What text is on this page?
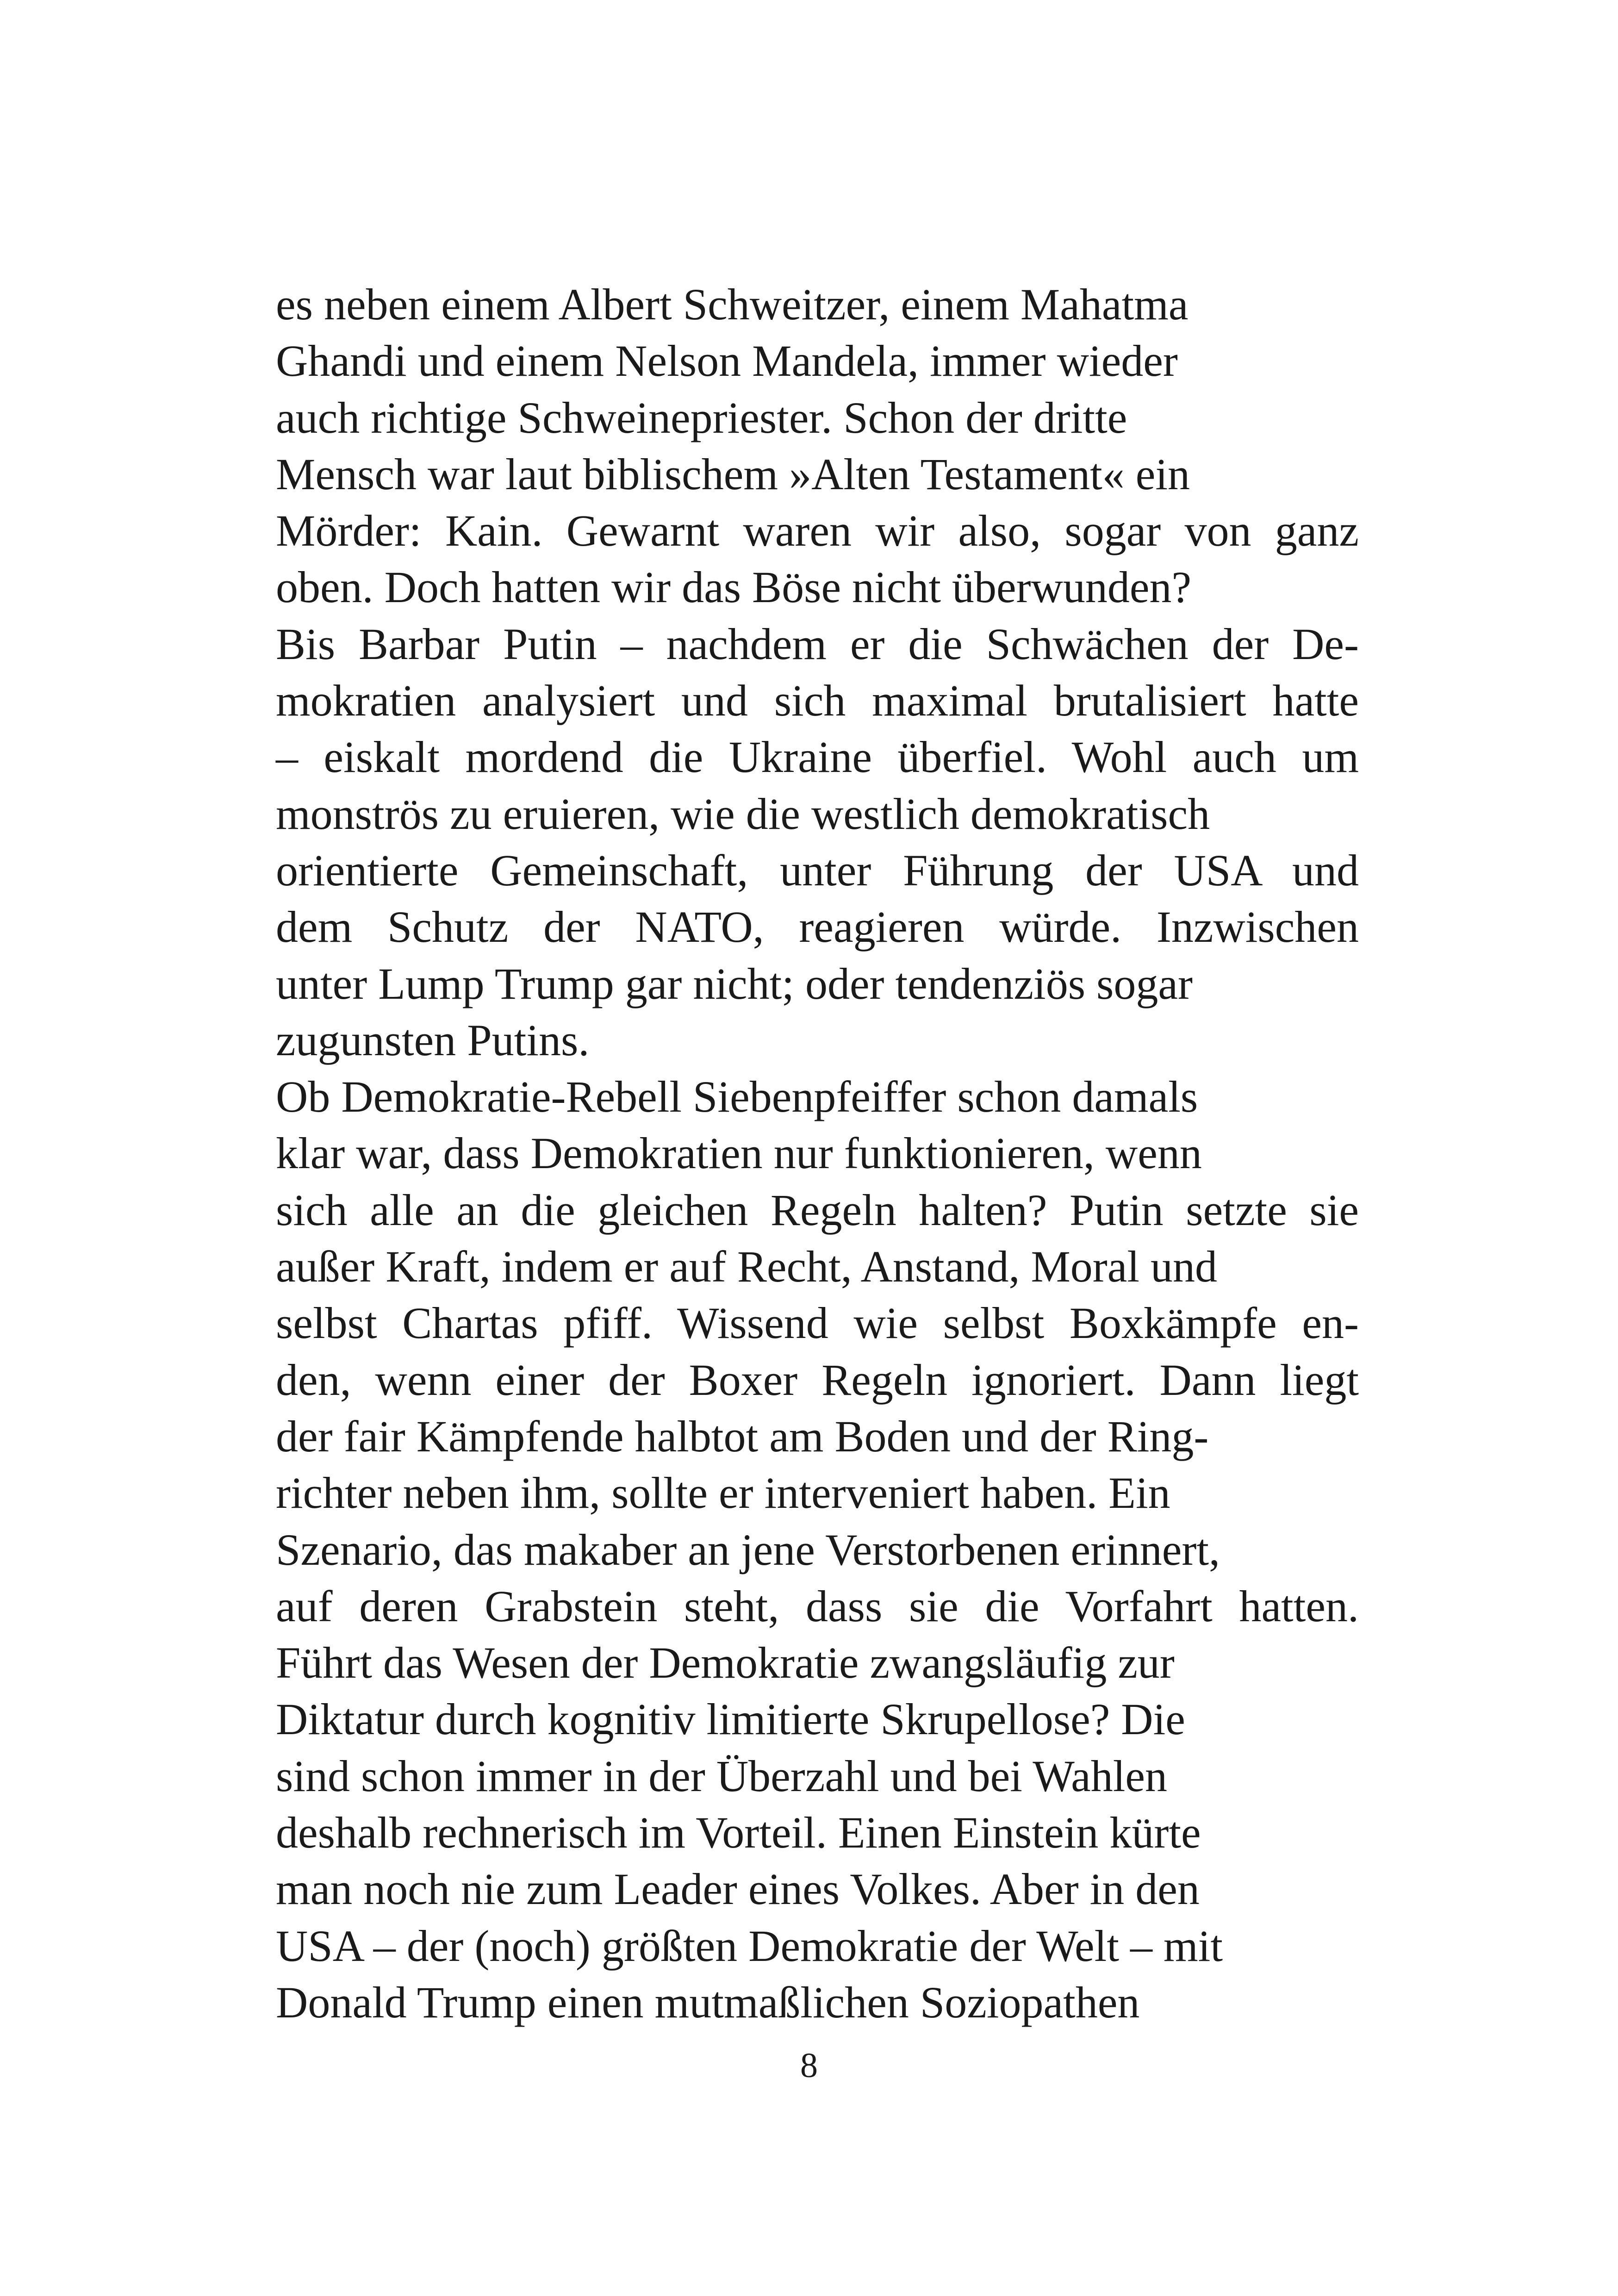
es neben einem Albert Schweitzer, einem Mahatma
Ghandi und einem Nelson Mandela, immer wieder
auch richtige Schweinepriester. Schon der dritte
Mensch war laut biblischem »Alten Testament« ein
Mörder: Kain. Gewarnt waren wir also, sogar von ganz
oben. Doch hatten wir das Böse nicht überwunden?
Bis Barbar Putin – nachdem er die Schwächen der De-
mokratien analysiert und sich maximal brutalisiert hatte
– eiskalt mordend die Ukraine überfiel. Wohl auch um
monströs zu eruieren, wie die westlich demokratisch
orientierte Gemeinschaft, unter Führung der USA und
dem Schutz der NATO, reagieren würde. Inzwischen
unter Lump Trump gar nicht; oder tendenziös sogar
zugunsten Putins.
Ob Demokratie-Rebell Siebenpfeiffer schon damals
klar war, dass Demokratien nur funktionieren, wenn
sich alle an die gleichen Regeln halten? Putin setzte sie
außer Kraft, indem er auf Recht, Anstand, Moral und
selbst Chartas pfiff. Wissend wie selbst Boxkämpfe en-
den, wenn einer der Boxer Regeln ignoriert. Dann liegt
der fair Kämpfende halbtot am Boden und der Ring-
richter neben ihm, sollte er interveniert haben. Ein
Szenario, das makaber an jene Verstorbenen erinnert,
auf deren Grabstein steht, dass sie die Vorfahrt hatten.
Führt das Wesen der Demokratie zwangsläufig zur
Diktatur durch kognitiv limitierte Skrupellose? Die
sind schon immer in der Überzahl und bei Wahlen
deshalb rechnerisch im Vorteil. Einen Einstein kürte
man noch nie zum Leader eines Volkes. Aber in den
USA – der (noch) größten Demokratie der Welt – mit
Donald Trump einen mutmaßlichen Soziopathen
8
